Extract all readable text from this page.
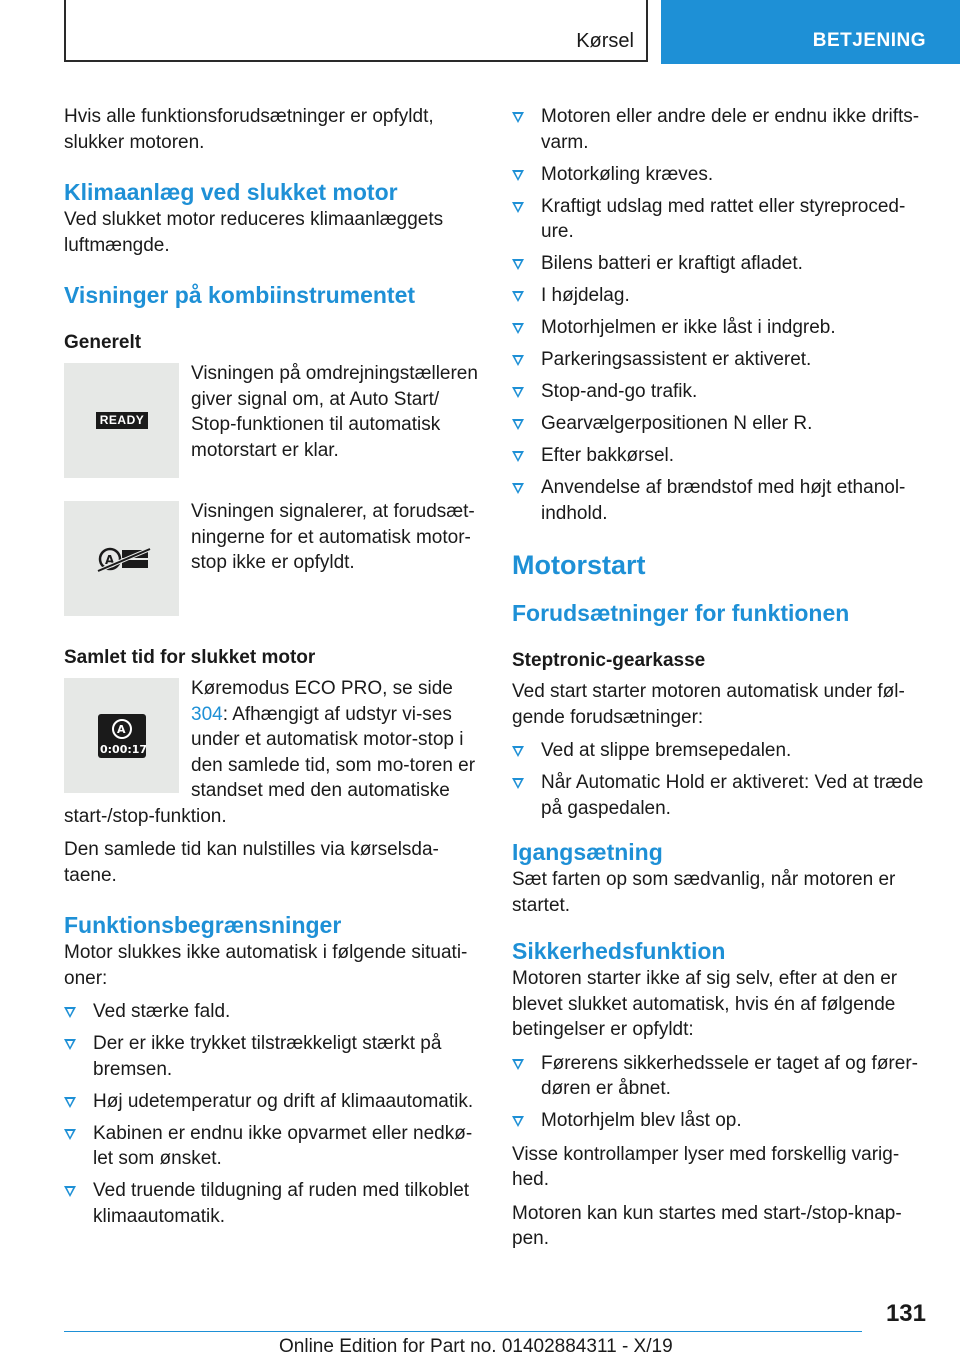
Kørsel	BETJENING

Hvis alle funktionsforudsætninger er opfyldt, slukker motoren.

Klimaanlæg ved slukket motor

Ved slukket motor reduceres klimaanlæggets luftmængde.

Visninger på kombiinstrumentet
Generelt
READY

Visningen på omdrejningstælleren giver signal om, at Auto Start/ Stop-funktionen til automatisk motorstart er klar.

A

Visningen signalerer, at forudsæt-ningerne for et automatisk motor-stop ikke er opfyldt.

Samlet tid for slukket motor
A
0:00:17

Køremodus ECO PRO, se side 304: Afhængigt af udstyr vi-ses under et automatisk motor-stop i den samlede tid, som mo-toren er standset med den automatiske start-/stop-funktion.

Den samlede tid kan nulstilles via kørselsda-taene.

Funktionsbegrænsninger

Motor slukkes ikke automatisk i følgende situati-oner:

Ved stærke fald.
Der er ikke trykket tilstrækkeligt stærkt på bremsen.
Høj udetemperatur og drift af klimaautomatik.
Kabinen er endnu ikke opvarmet eller nedkø-let som ønsket.
Ved truende tildugning af ruden med tilkoblet klimaautomatik.
Motoren eller andre dele er endnu ikke drifts-varm.
Motorkøling kræves.
Kraftigt udslag med rattet eller styreproced-ure.
Bilens batteri er kraftigt afladet.
I højdelag.
Motorhjelmen er ikke låst i indgreb.
Parkeringsassistent er aktiveret.
Stop-and-go trafik.
Gearvælgerpositionen N eller R.
Efter bakkørsel.
Anvendelse af brændstof med højt ethanol-indhold.
Motorstart
Forudsætninger for funktionen
Steptronic-gearkasse

Ved start starter motoren automatisk under føl-gende forudsætninger:

Ved at slippe bremsepedalen.
Når Automatic Hold er aktiveret: Ved at træde på gaspedalen.
Igangsætning

Sæt farten op som sædvanlig, når motoren er startet.

Sikkerhedsfunktion

Motoren starter ikke af sig selv, efter at den er blevet slukket automatisk, hvis én af følgende betingelser er opfyldt:

Førerens sikkerhedssele er taget af og fører-døren er åbnet.
Motorhjelm blev låst op.

Visse kontrollamper lyser med forskellig varig-hed.

Motoren kan kun startes med start-/stop-knap-pen.

131
Online Edition for Part no. 01402884311 - X/19
